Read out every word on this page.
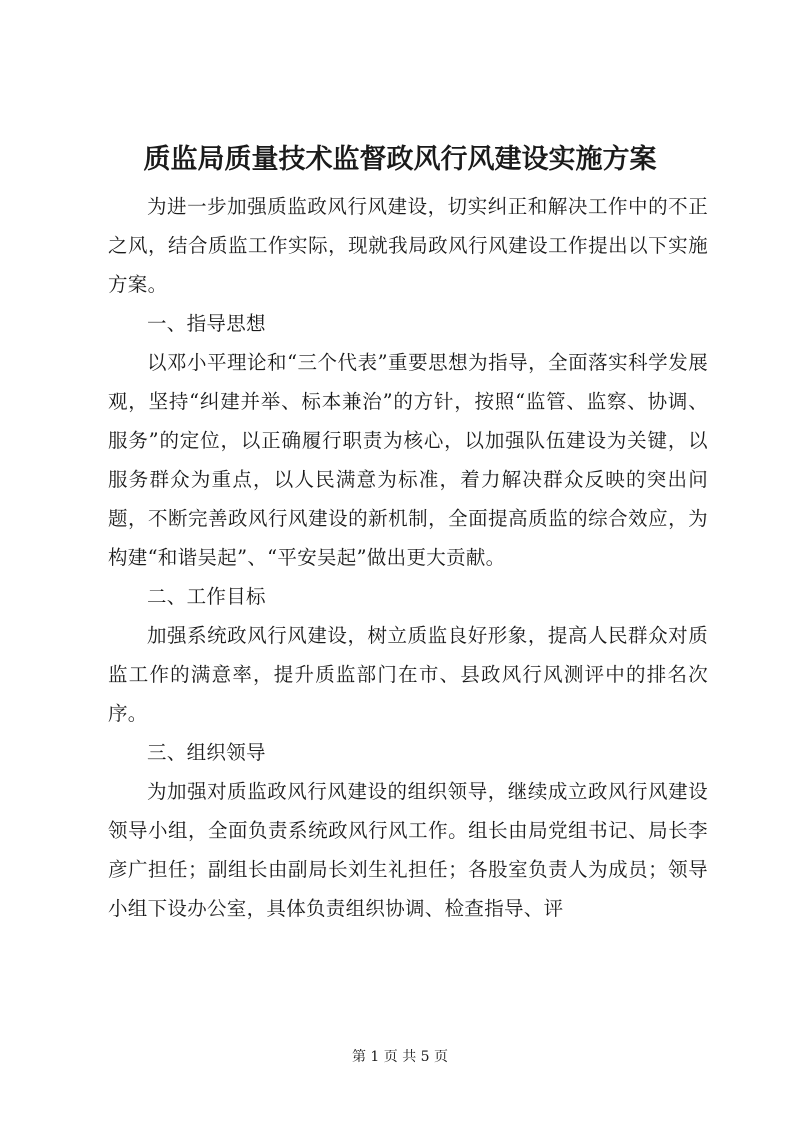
质监局质量技术监督政风行风建设实施方案

为进一步加强质监政风行风建设，切实纠正和解决工作中的不正之风，结合质监工作实际，现就我局政风行风建设工作提出以下实施方案。

一、指导思想

以邓小平理论和“三个代表”重要思想为指导，全面落实科学发展观，坚持“纠建并举、标本兼治”的方针，按照“监管、监察、协调、服务”的定位，以正确履行职责为核心，以加强队伍建设为关键，以服务群众为重点，以人民满意为标准，着力解决群众反映的突出问题，不断完善政风行风建设的新机制，全面提高质监的综合效应，为构建“和谐吴起”、“平安吴起”做出更大贡献。

二、工作目标

加强系统政风行风建设，树立质监良好形象，提高人民群众对质监工作的满意率，提升质监部门在市、县政风行风测评中的排名次序。

三、组织领导

为加强对质监政风行风建设的组织领导，继续成立政风行风建设领导小组，全面负责系统政风行风工作。组长由局党组书记、局长李彦广担任；副组长由副局长刘生礼担任；各股室负责人为成员；领导小组下设办公室，具体负责组织协调、检查指导、评

第 1 页 共 5 页
